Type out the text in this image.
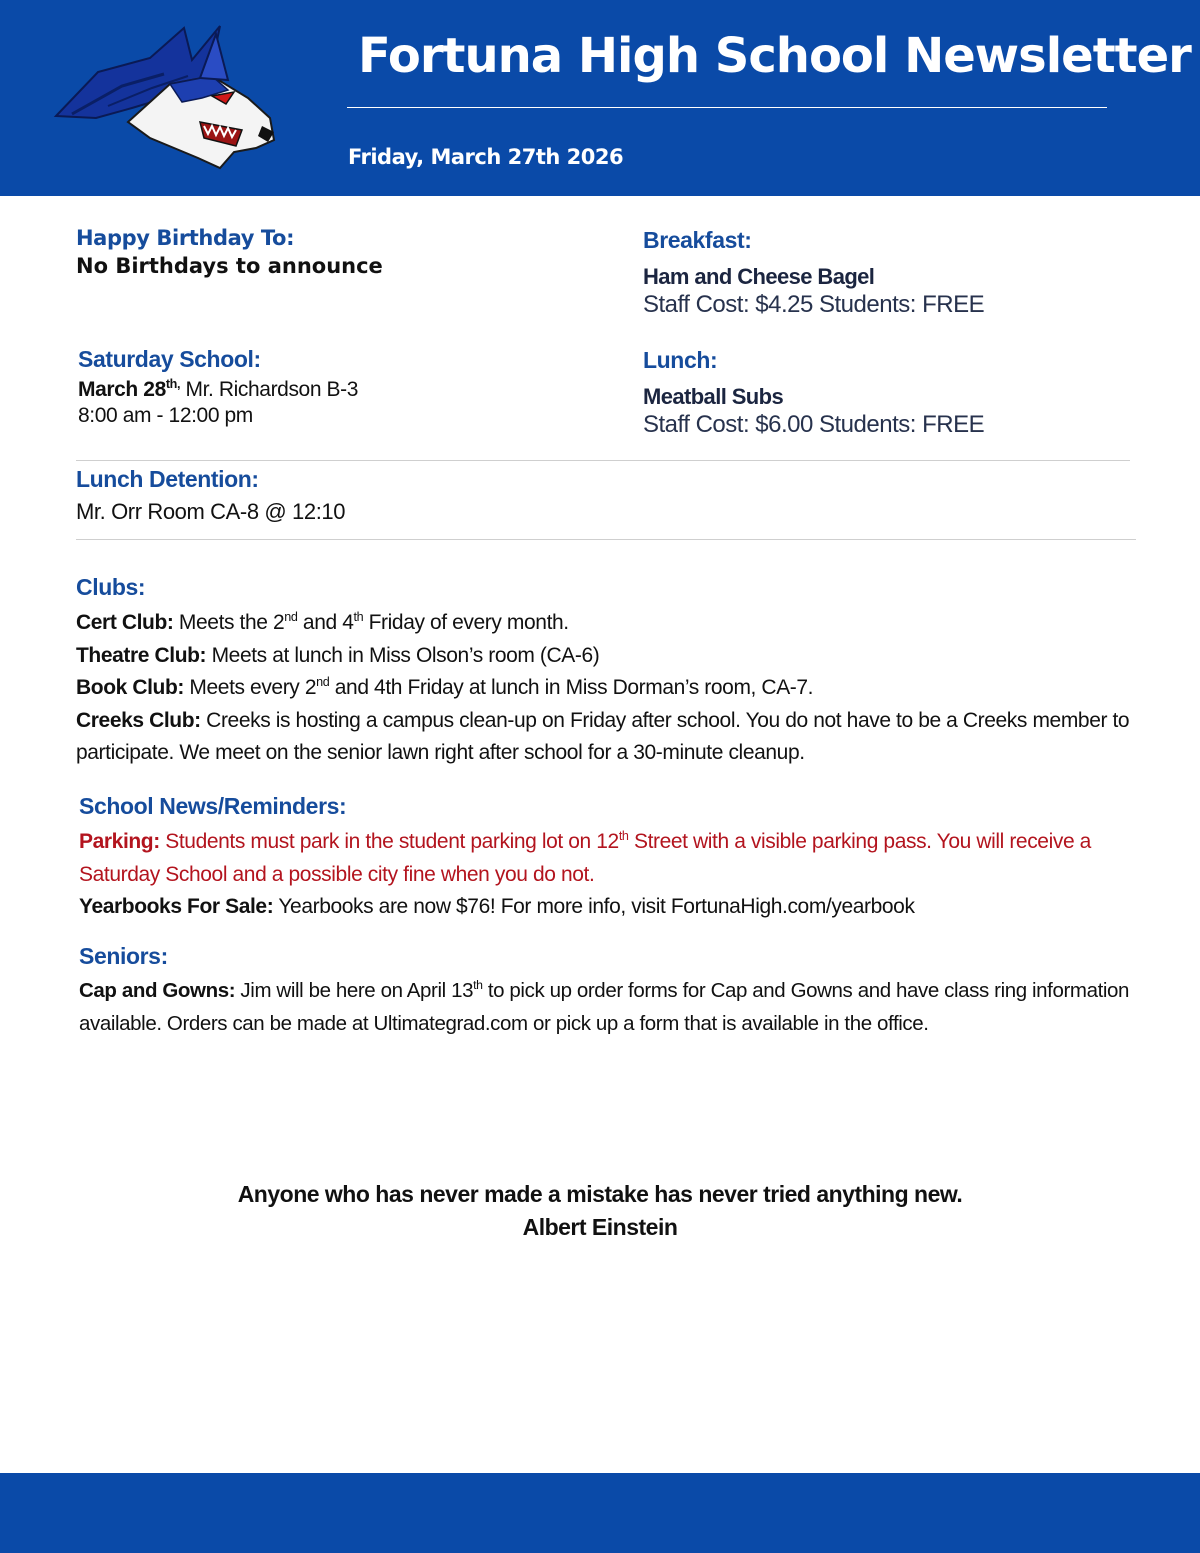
Fortuna High School Newsletter
Friday, March 27th 2026
Happy Birthday To:
No Birthdays to announce
Saturday School:
March $28^{th,}$ Mr. Richardson B-3
8:00 am - 12:00 pm
Breakfast:
Ham and Cheese Bagel
Staff Cost: $4.25 Students: FREE
Lunch:
Meatball Subs
Staff Cost: $6.00 Students: FREE
Lunch Detention:
Mr. Orr Room CA-8 @ 12:10
Clubs:

Cert Club: Meets the 2nd and 4th Friday of every month.

Theatre Club: Meets at lunch in Miss Olson’s room (CA-6)

Book Club: Meets every 2nd and 4th Friday at lunch in Miss Dorman’s room, CA-7.

Creeks Club: Creeks is hosting a campus clean-up on Friday after school. You do not have to be a Creeks member to participate. We meet on the senior lawn right after school for a 30-minute cleanup.

School News/Reminders:

Parking: Students must park in the student parking lot on 12th Street with a visible parking pass. You will receive a Saturday School and a possible city fine when you do not.

Yearbooks For Sale: Yearbooks are now $76! For more info, visit FortunaHigh.com/yearbook

Seniors:

Cap and Gowns: Jim will be here on April 13th to pick up order forms for Cap and Gowns and have class ring information available. Orders can be made at Ultimategrad.com or pick up a form that is available in the office.

Anyone who has never made a mistake has never tried anything new.
Albert Einstein
